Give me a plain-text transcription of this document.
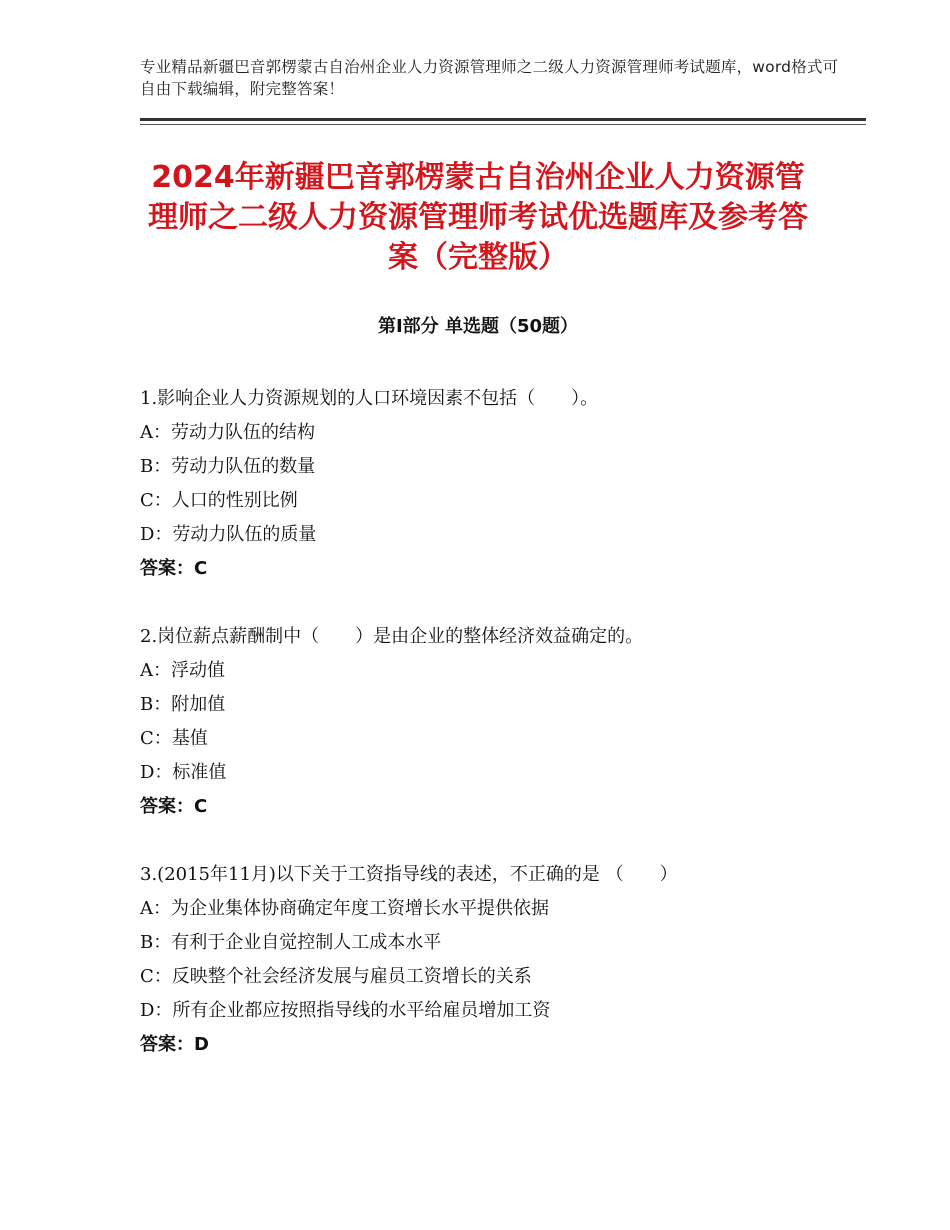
专业精品新疆巴音郭楞蒙古自治州企业人力资源管理师之二级人力资源管理师考试题库，word格式可自由下载编辑，附完整答案！
2024年新疆巴音郭楞蒙古自治州企业人力资源管理师之二级人力资源管理师考试优选题库及参考答案（完整版）
第Ⅰ部分 单选题（50题）
1.影响企业人力资源规划的人口环境因素不包括（　　）。
A：劳动力队伍的结构
B：劳动力队伍的数量
C：人口的性别比例
D：劳动力队伍的质量
答案：C
2.岗位薪点薪酬制中（　　）是由企业的整体经济效益确定的。
A：浮动值
B：附加值
C：基值
D：标准值
答案：C
3.(2015年11月)以下关于工资指导线的表述，不正确的是 （　　）
A：为企业集体协商确定年度工资增长水平提供依据
B：有利于企业自觉控制人工成本水平
C：反映整个社会经济发展与雇员工资增长的关系
D：所有企业都应按照指导线的水平给雇员增加工资
答案：D
